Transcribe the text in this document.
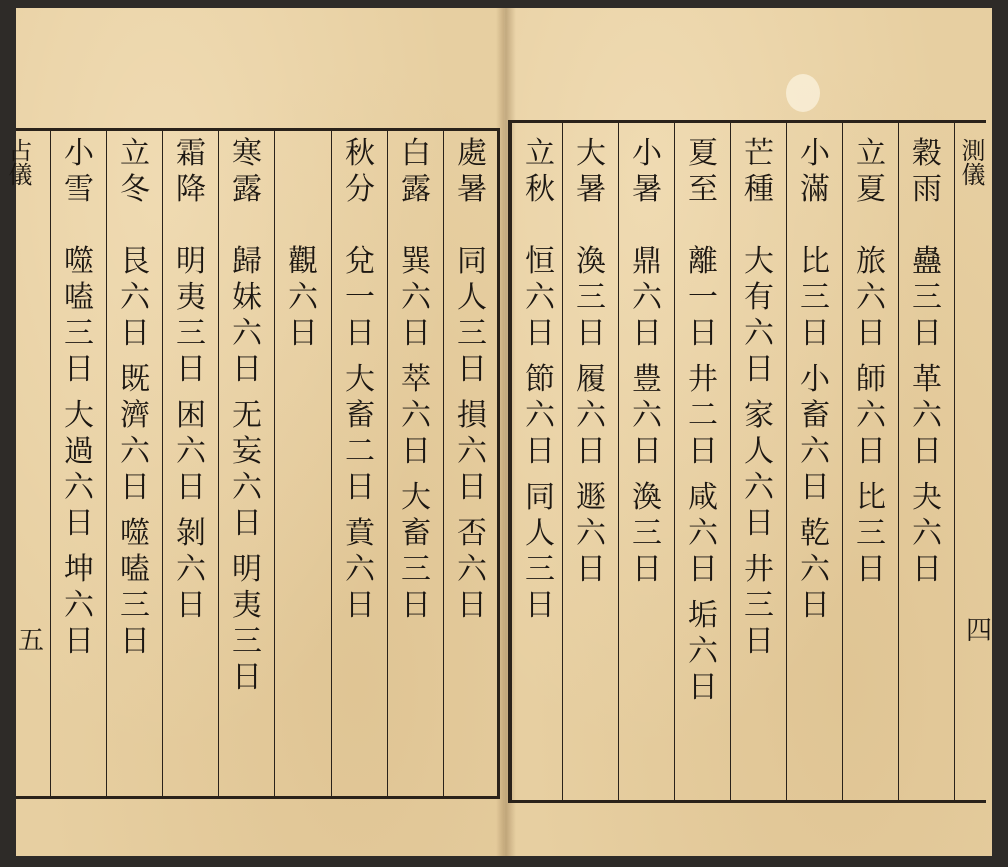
占儀
五
測儀
四
小
雪
噬
嗑
三
日
大
過
六
日
坤
六
日
立
冬
艮
六
日
既
濟
六
日
噬
嗑
三
日
霜
降
明
夷
三
日
困
六
日
剝
六
日
寒
露
歸
妹
六
日
无
妄
六
日
明
夷
三
日
觀
六
日
秋
分
兌
一
日
大
畜
二
日
賁
六
日
白
露
巽
六
日
萃
六
日
大
畜
三
日
處
暑
同
人
三
日
損
六
日
否
六
日
立
秋
恒
六
日
節
六
日
同
人
三
日
大
暑
渙
三
日
履
六
日
遯
六
日
小
暑
鼎
六
日
豊
六
日
渙
三
日
夏
至
離
一
日
井
二
日
咸
六
日
垢
六
日
芒
種
大
有
六
日
家
人
六
日
井
三
日
小
滿
比
三
日
小
畜
六
日
乾
六
日
立
夏
旅
六
日
師
六
日
比
三
日
穀
雨
蠱
三
日
革
六
日
夬
六
日
